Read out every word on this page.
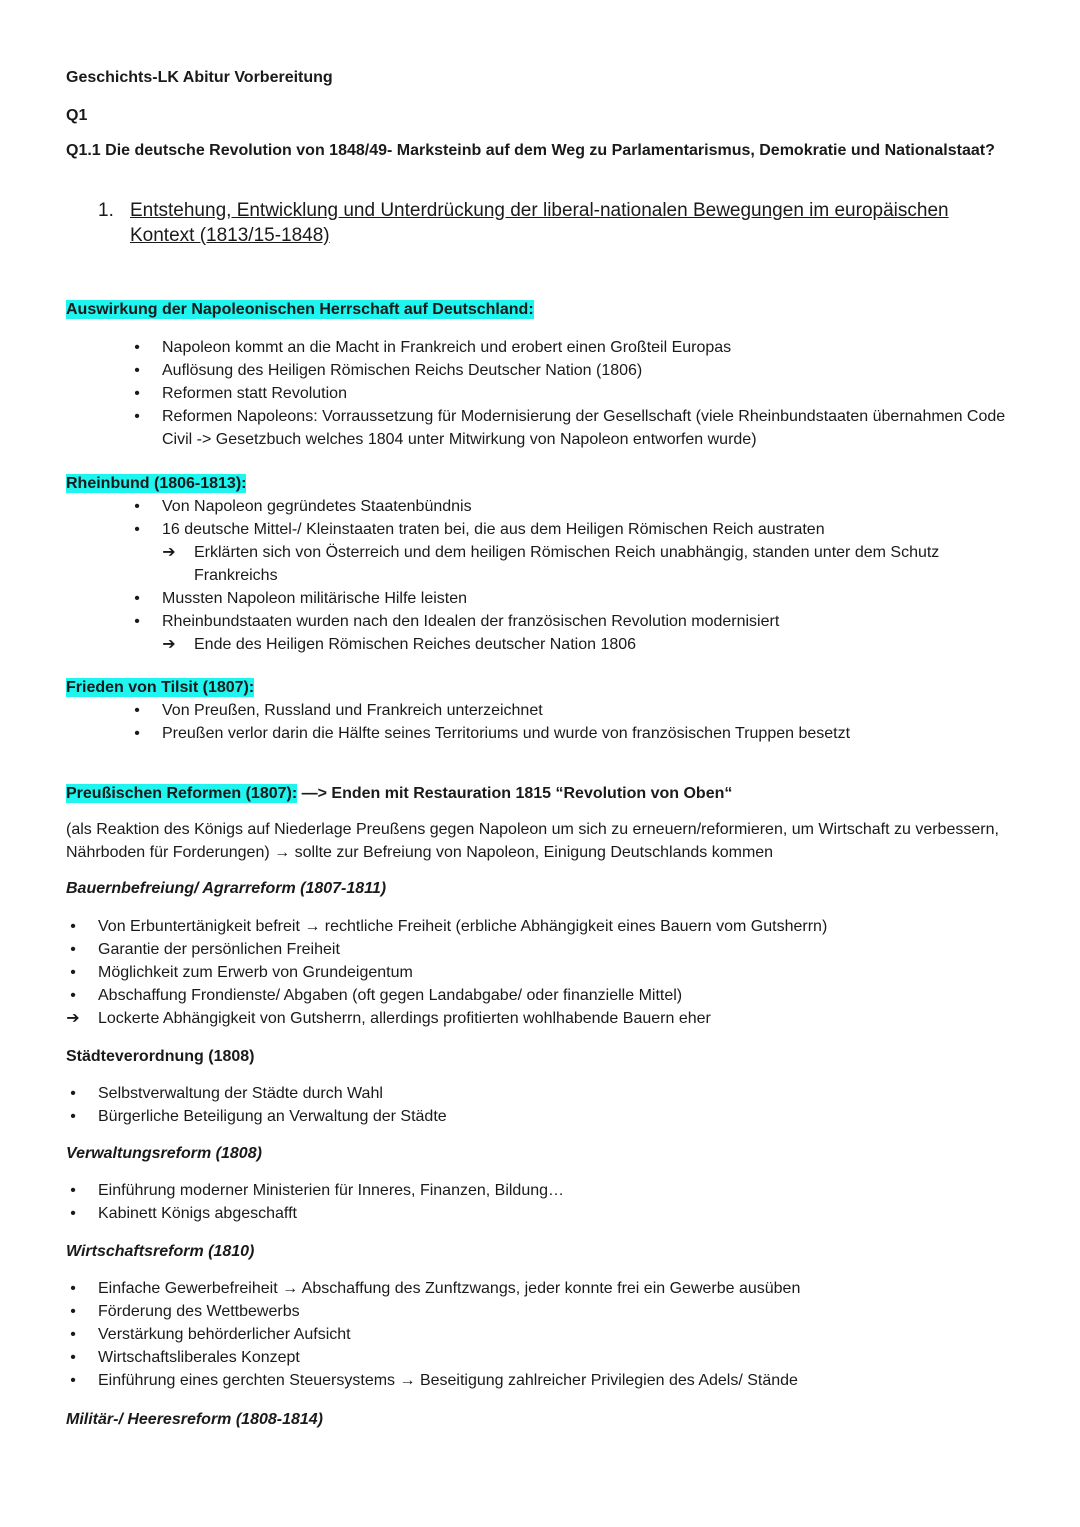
Geschichts-LK Abitur Vorbereitung

Q1

Q1.1 Die deutsche Revolution von 1848/49- Marksteinb auf dem Weg zu Parlamentarismus, Demokratie und Nationalstaat?

1. Entstehung, Entwicklung und Unterdrückung der liberal-nationalen Bewegungen im europäischen Kontext (1813/15-1848)

Auswirkung der Napoleonischen Herrschaft auf Deutschland:

• Napoleon kommt an die Macht in Frankreich und erobert einen Großteil Europas
• Auflösung des Heiligen Römischen Reichs Deutscher Nation (1806)
• Reformen statt Revolution
• Reformen Napoleons: Vorraussetzung für Modernisierung der Gesellschaft (viele Rheinbundstaaten übernahmen Code Civil -> Gesetzbuch welches 1804 unter Mitwirkung von Napoleon entworfen wurde)

Rheinbund (1806-1813):

• Von Napoleon gegründetes Staatenbündnis
• 16 deutsche Mittel-/ Kleinstaaten traten bei, die aus dem Heiligen Römischen Reich austraten
➔ Erklärten sich von Österreich und dem heiligen Römischen Reich unabhängig, standen unter dem Schutz Frankreichs
• Mussten Napoleon militärische Hilfe leisten
• Rheinbundstaaten wurden nach den Idealen der französischen Revolution modernisiert
➔ Ende des Heiligen Römischen Reiches deutscher Nation 1806

Frieden von Tilsit (1807):

• Von Preußen, Russland und Frankreich unterzeichnet
• Preußen verlor darin die Hälfte seines Territoriums und wurde von französischen Truppen besetzt

Preußischen Reformen (1807): —> Enden mit Restauration 1815 “Revolution von Oben“

(als Reaktion des Königs auf Niederlage Preußens gegen Napoleon um sich zu erneuern/reformieren, um Wirtschaft zu verbessern, Nährboden für Forderungen) → sollte zur Befreiung von Napoleon, Einigung Deutschlands kommen

Bauernbefreiung/ Agrarreform (1807-1811)

• Von Erbuntertänigkeit befreit → rechtliche Freiheit (erbliche Abhängigkeit eines Bauern vom Gutsherrn)
• Garantie der persönlichen Freiheit
• Möglichkeit zum Erwerb von Grundeigentum
• Abschaffung Frondienste/ Abgaben (oft gegen Landabgabe/ oder finanzielle Mittel)
➔ Lockerte Abhängigkeit von Gutsherrn, allerdings profitierten wohlhabende Bauern eher

Städteverordnung (1808)

• Selbstverwaltung der Städte durch Wahl
• Bürgerliche Beteiligung an Verwaltung der Städte

Verwaltungsreform (1808)

• Einführung moderner Ministerien für Inneres, Finanzen, Bildung…
• Kabinett Königs abgeschafft

Wirtschaftsreform (1810)

• Einfache Gewerbefreiheit → Abschaffung des Zunftzwangs, jeder konnte frei ein Gewerbe ausüben
• Förderung des Wettbewerbs
• Verstärkung behörderlicher Aufsicht
• Wirtschaftsliberales Konzept
• Einführung eines gerchten Steuersystems → Beseitigung zahlreicher Privilegien des Adels/ Stände

Militär-/ Heeresreform (1808-1814)
